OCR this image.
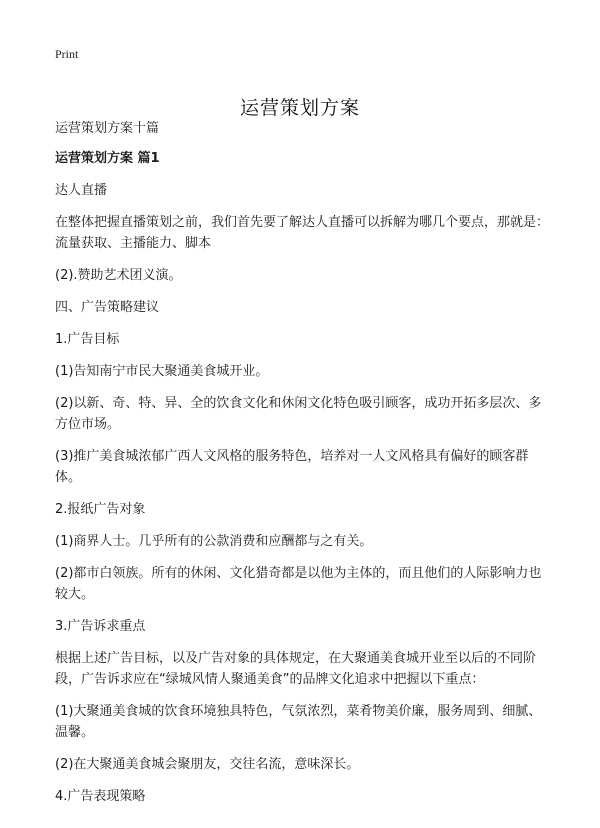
Print
运营策划方案

运营策划方案十篇

运营策划方案 篇1

达人直播

在整体把握直播策划之前，我们首先要了解达人直播可以拆解为哪几个要点，那就是：流量获取、主播能力、脚本

(2).赞助艺术团义演。

四、广告策略建议

1.广告目标

(1)告知南宁市民大聚通美食城开业。

(2)以新、奇、特、异、全的饮食文化和休闲文化特色吸引顾客，成功开拓多层次、多方位市场。

(3)推广美食城浓郁广西人文风格的服务特色，培养对一人文风格具有偏好的顾客群体。

2.报纸广告对象

(1)商界人士。几乎所有的公款消费和应酬都与之有关。

(2)都市白领族。所有的休闲、文化猎奇都是以他为主体的，而且他们的人际影响力也较大。

3.广告诉求重点

根据上述广告目标，以及广告对象的具体规定，在大聚通美食城开业至以后的不同阶段，广告诉求应在“绿城风情人聚通美食”的品牌文化追求中把握以下重点：

(1)大聚通美食城的饮食环境独具特色，气氛浓烈，菜肴物美价廉，服务周到、细腻、温馨。

(2)在大聚通美食城会聚朋友，交往名流，意味深长。

4.广告表现策略
